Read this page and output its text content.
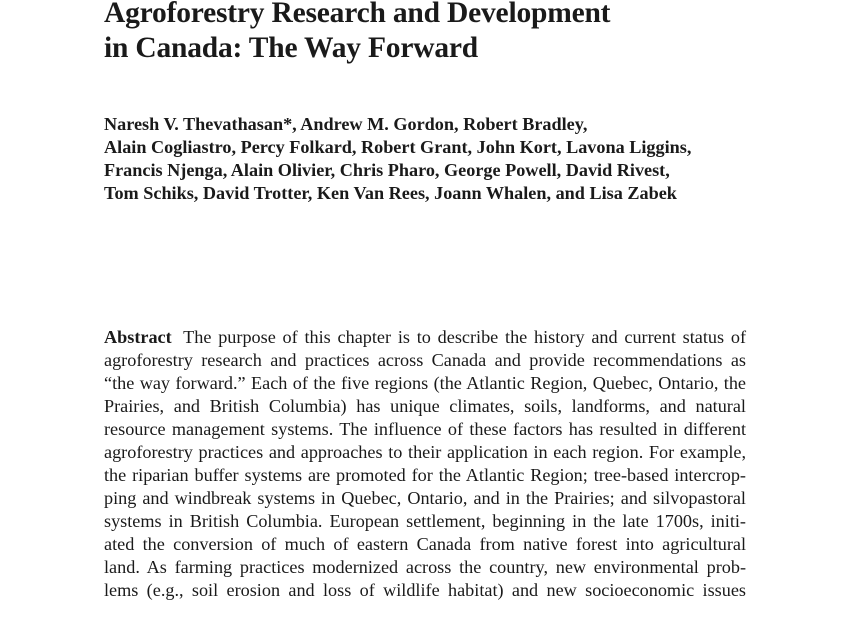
Agroforestry Research and Development
in Canada: The Way Forward
Naresh V. Thevathasan*, Andrew M. Gordon, Robert Bradley,
Alain Cogliastro, Percy Folkard, Robert Grant, John Kort, Lavona Liggins,
Francis Njenga, Alain Olivier, Chris Pharo, George Powell, David Rivest,
Tom Schiks, David Trotter, Ken Van Rees, Joann Whalen, and Lisa Zabek
Abstract The purpose of this chapter is to describe the history and current status of
agroforestry research and practices across Canada and provide recommendations as
“the way forward.” Each of the five regions (the Atlantic Region, Quebec, Ontario, the
Prairies, and British Columbia) has unique climates, soils, landforms, and natural
resource management systems. The influence of these factors has resulted in different
agroforestry practices and approaches to their application in each region. For example,
the riparian buffer systems are promoted for the Atlantic Region; tree-based intercrop-
ping and windbreak systems in Quebec, Ontario, and in the Prairies; and silvopastoral
systems in British Columbia. European settlement, beginning in the late 1700s, initi-
ated the conversion of much of eastern Canada from native forest into agricultural
land. As farming practices modernized across the country, new environmental prob-
lems (e.g., soil erosion and loss of wildlife habitat) and new socioeconomic issues
